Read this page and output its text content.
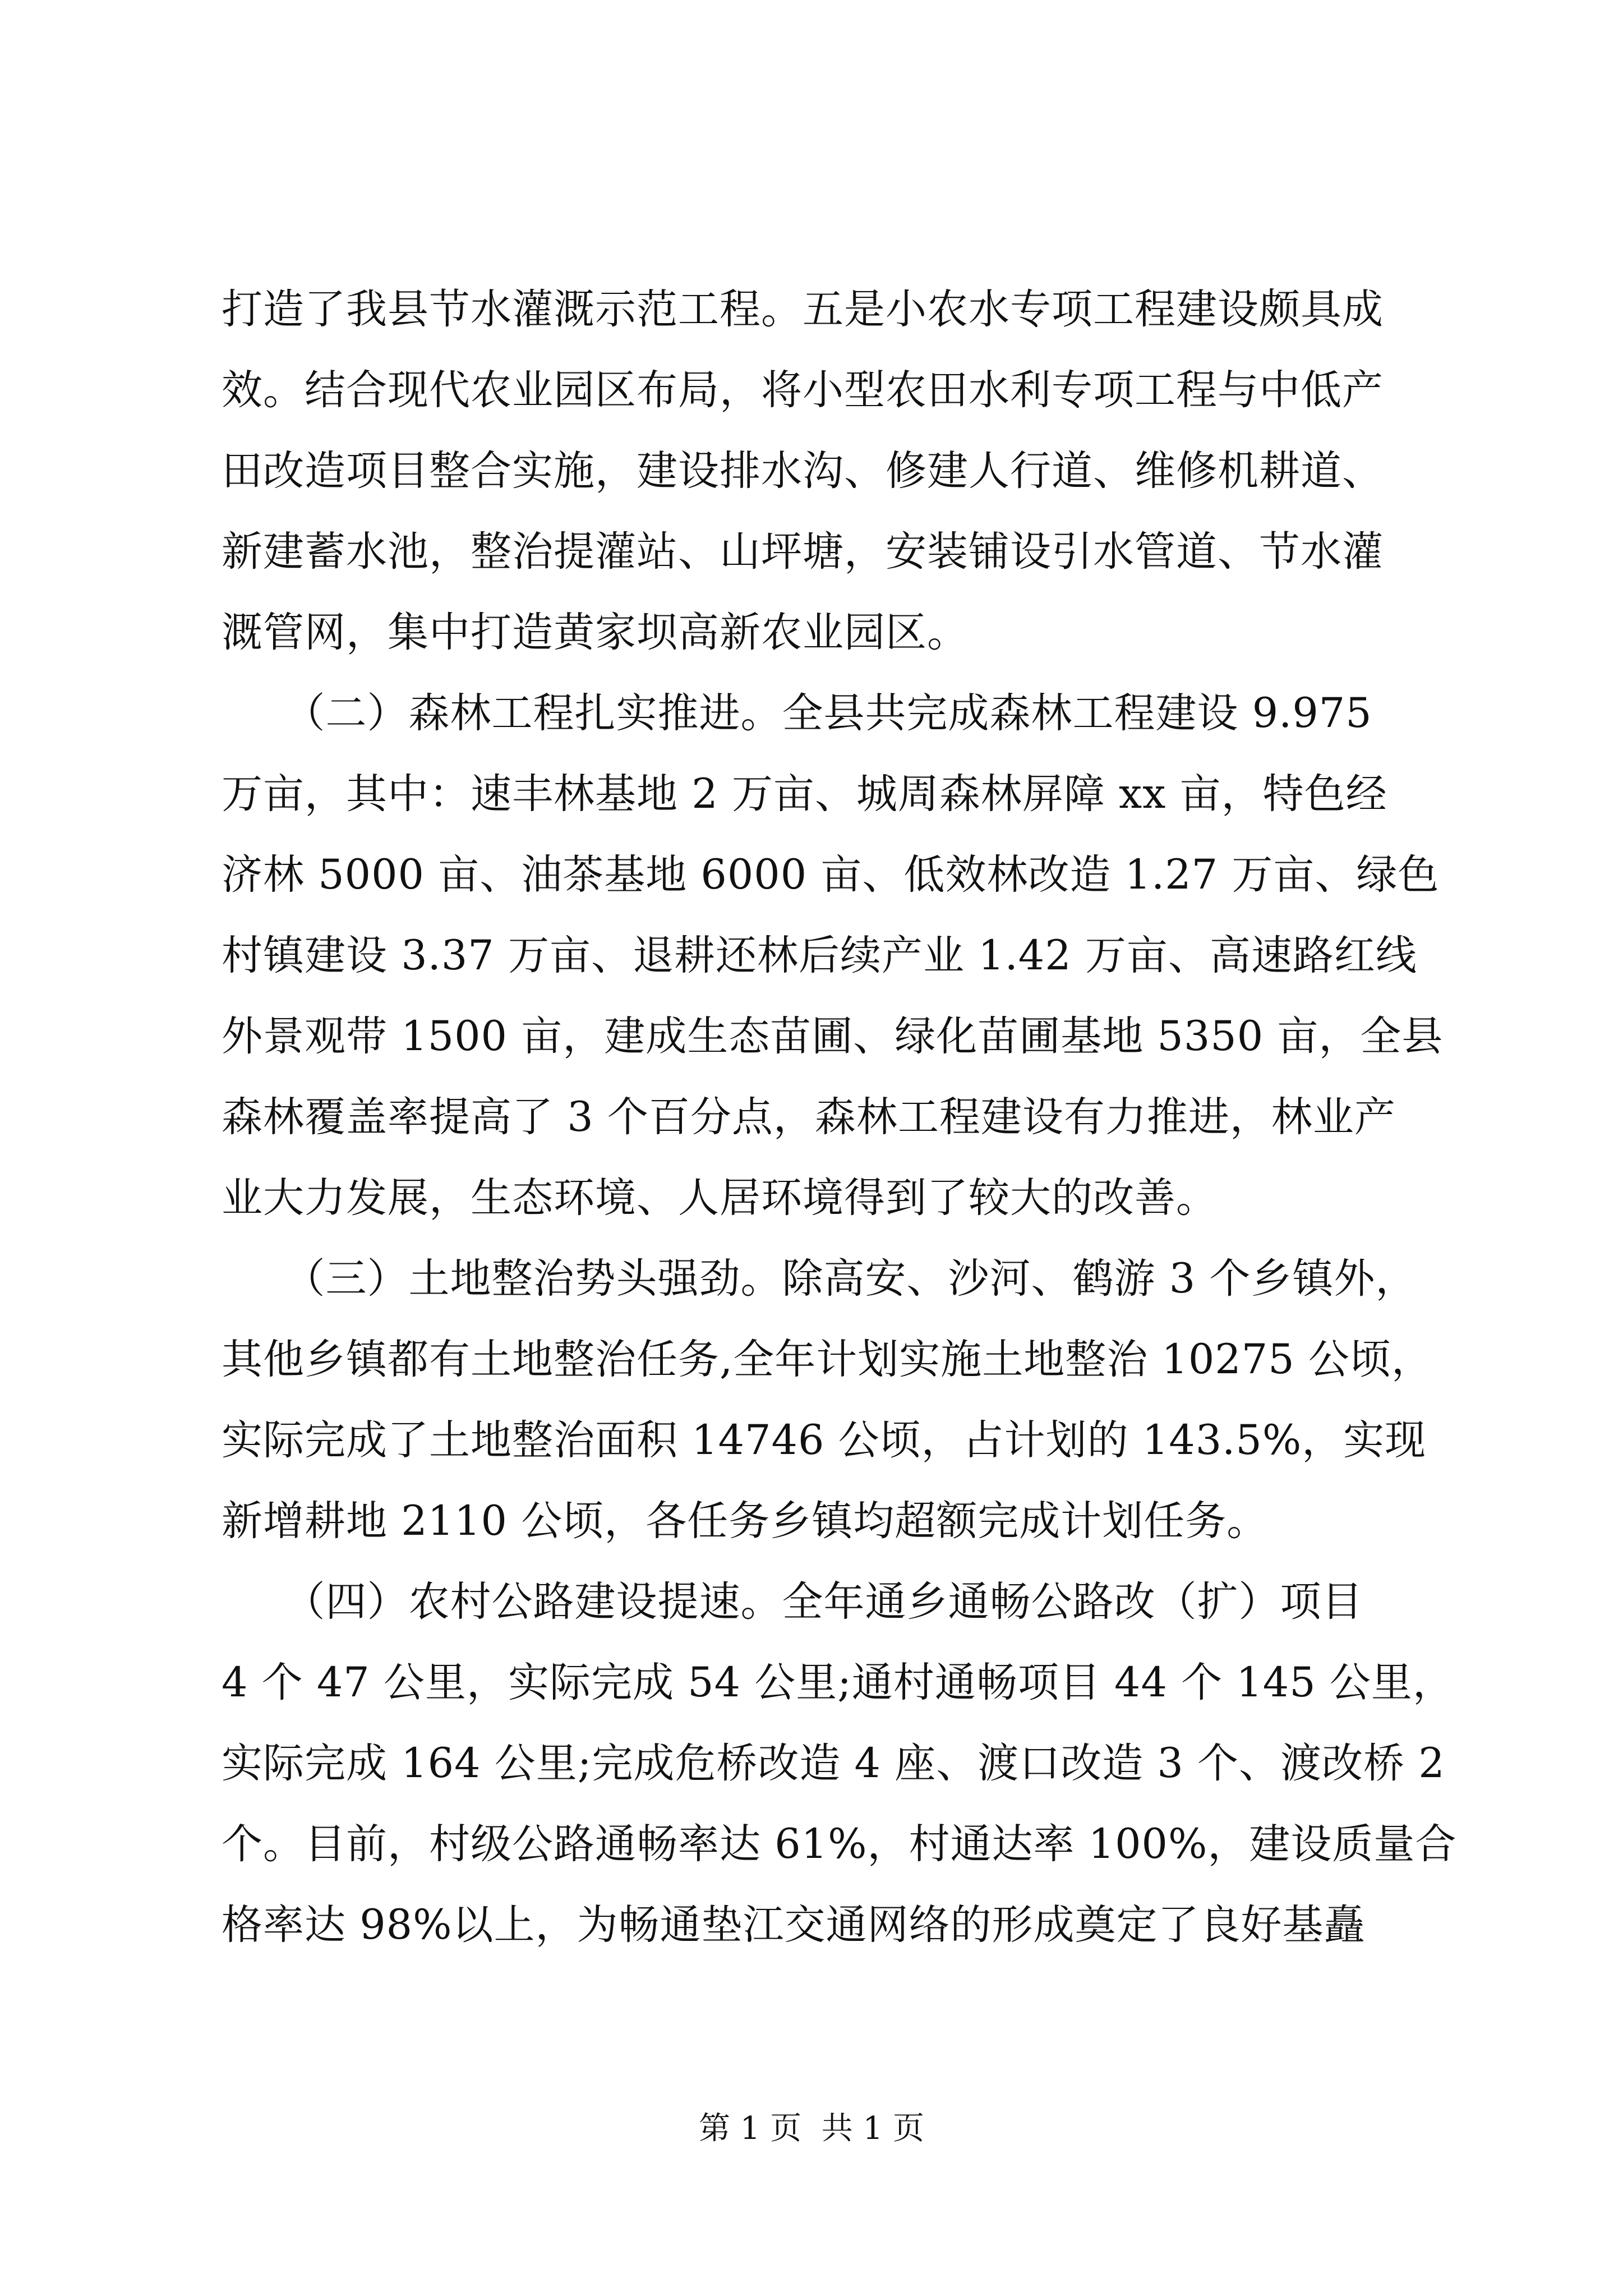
打造了我县节水灌溉示范工程。五是小农水专项工程建设颇具成
效。结合现代农业园区布局，将小型农田水利专项工程与中低产
田改造项目整合实施，建设排水沟、修建人行道、维修机耕道、
新建蓄水池，整治提灌站、山坪塘，安装铺设引水管道、节水灌
溉管网，集中打造黄家坝高新农业园区。
　　（二）森林工程扎实推进。全县共完成森林工程建设 9.975
万亩，其中：速丰林基地 2 万亩、城周森林屏障 xx 亩，特色经
济林 5000 亩、油茶基地 6000 亩、低效林改造 1.27 万亩、绿色
村镇建设 3.37 万亩、退耕还林后续产业 1.42 万亩、高速路红线
外景观带 1500 亩，建成生态苗圃、绿化苗圃基地 5350 亩，全县
森林覆盖率提高了 3 个百分点，森林工程建设有力推进，林业产
业大力发展，生态环境、人居环境得到了较大的改善。
　　（三）土地整治势头强劲。除高安、沙河、鹤游 3 个乡镇外，
其他乡镇都有土地整治任务,全年计划实施土地整治 10275 公顷，
实际完成了土地整治面积 14746 公顷，占计划的 143.5%，实现
新增耕地 2110 公顷，各任务乡镇均超额完成计划任务。
　　（四）农村公路建设提速。全年通乡通畅公路改（扩）项目
4 个 47 公里，实际完成 54 公里;通村通畅项目 44 个 145 公里，
实际完成 164 公里;完成危桥改造 4 座、渡口改造 3 个、渡改桥 2
个。目前，村级公路通畅率达 61%，村通达率 100%，建设质量合
格率达 98%以上，为畅通垫江交通网络的形成奠定了良好基矗
第 1 页  共 1 页
